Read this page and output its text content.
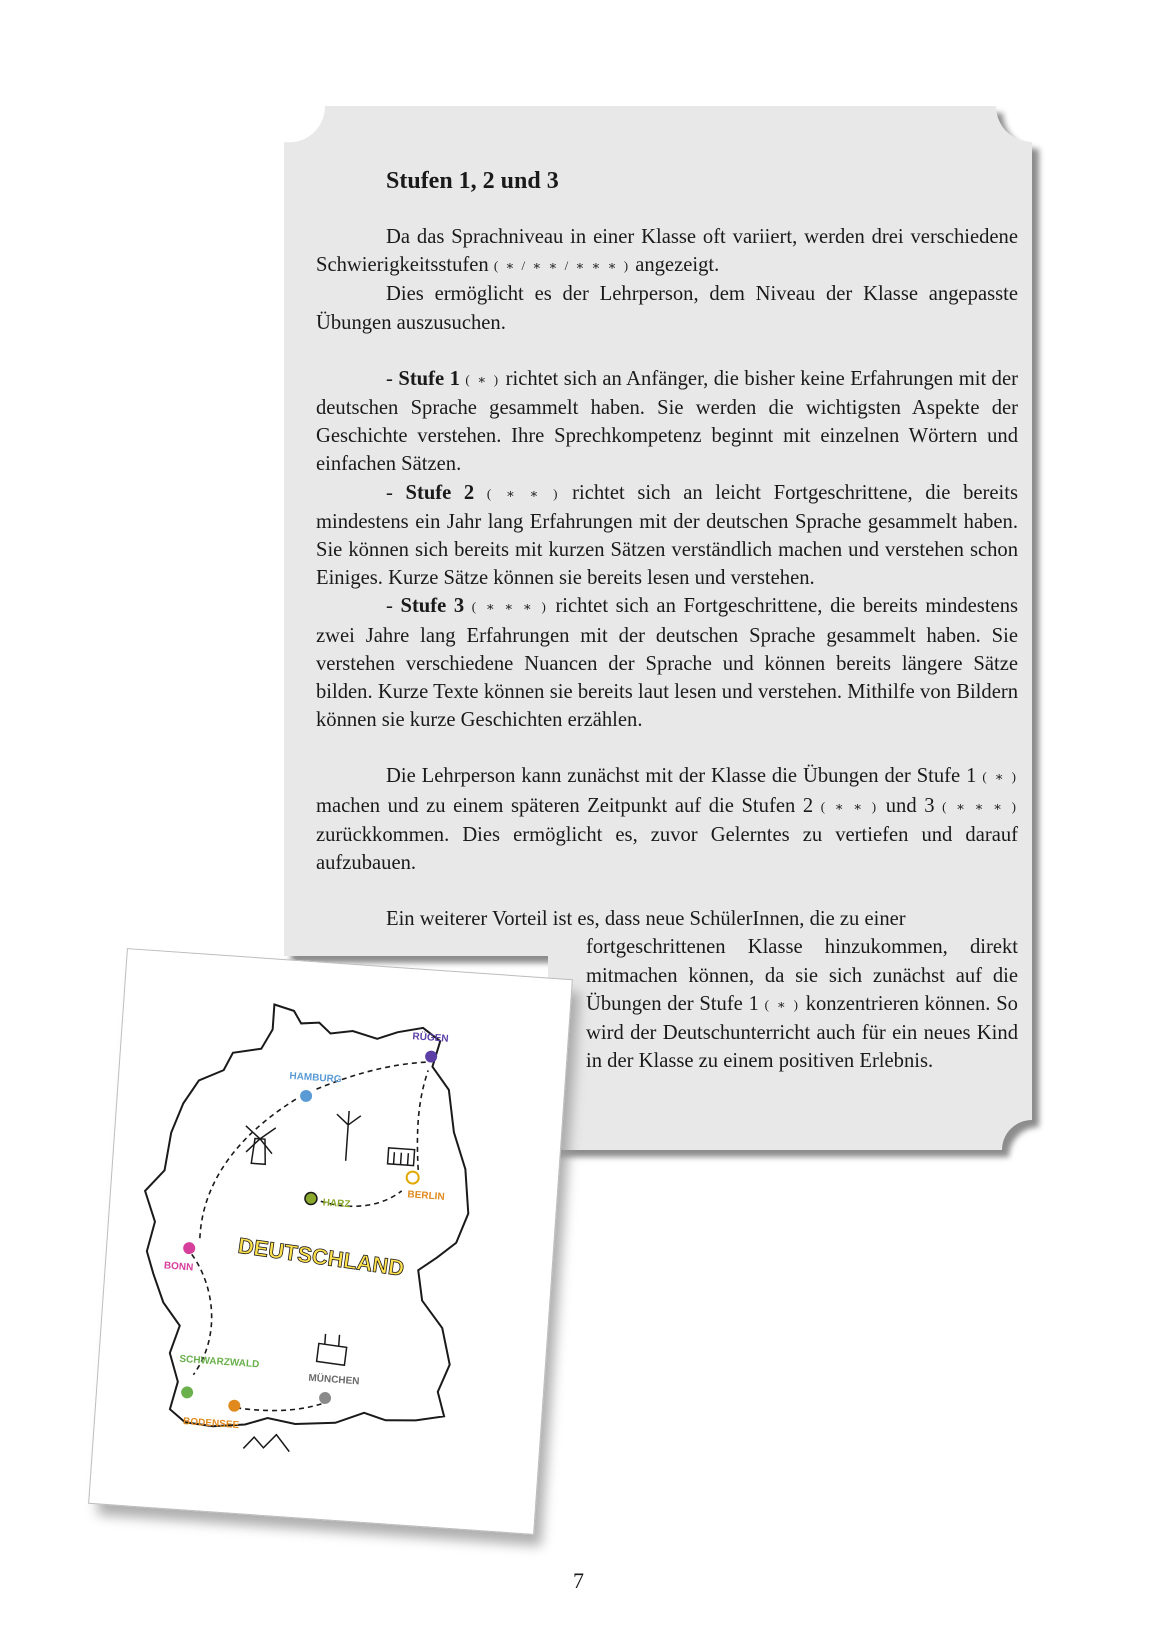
Stufen 1, 2 und 3

Da das Sprachniveau in einer Klasse oft variiert, werden drei verschiedene Schwierigkeitsstufen ( ∗ / ∗ ∗ / ∗ ∗ ∗ ) angezeigt.

Dies ermöglicht es der Lehrperson, dem Niveau der Klasse angepasste Übungen auszusuchen.

- Stufe 1 ( ∗ ) richtet sich an Anfänger, die bisher keine Erfahrungen mit der deutschen Sprache gesammelt haben. Sie werden die wichtigsten Aspekte der Geschichte verstehen. Ihre Sprechkompetenz beginnt mit einzelnen Wörtern und einfachen Sätzen.

- Stufe 2 ( ∗ ∗ ) richtet sich an leicht Fortgeschrittene, die bereits mindestens ein Jahr lang Erfahrungen mit der deutschen Sprache gesammelt haben. Sie können sich bereits mit kurzen Sätzen verständlich machen und verstehen schon Einiges. Kurze Sätze können sie bereits lesen und verstehen.

- Stufe 3 ( ∗ ∗ ∗ ) richtet sich an Fortgeschrittene, die bereits mindestens zwei Jahre lang Erfahrungen mit der deutschen Sprache gesammelt haben. Sie verstehen verschiedene Nuancen der Sprache und können bereits längere Sätze bilden. Kurze Texte können sie bereits laut lesen und verstehen. Mithilfe von Bildern können sie kurze Geschichten erzählen.

Die Lehrperson kann zunächst mit der Klasse die Übungen der Stufe 1 ( ∗ ) machen und zu einem späteren Zeitpunkt auf die Stufen 2 ( ∗ ∗ ) und 3 ( ∗ ∗ ∗ ) zurückkommen. Dies ermöglicht es, zuvor Gelerntes zu vertiefen und darauf aufzubauen.

Ein weiterer Vorteil ist es, dass neue SchülerInnen, die zu einer

fortgeschrittenen Klasse hinzukommen, direkt mitmachen können, da sie sich zunächst auf die Übungen der Stufe 1 ( ∗ ) konzentrieren können. So wird der Deutschunterricht auch für ein neues Kind in der Klasse zu einem positiven Erlebnis.

DEUTSCHLAND
RÜGEN
HAMBURG
BERLIN
HARZ
BONN
SCHWARZWALD
BODENSEE
MÜNCHEN
7
